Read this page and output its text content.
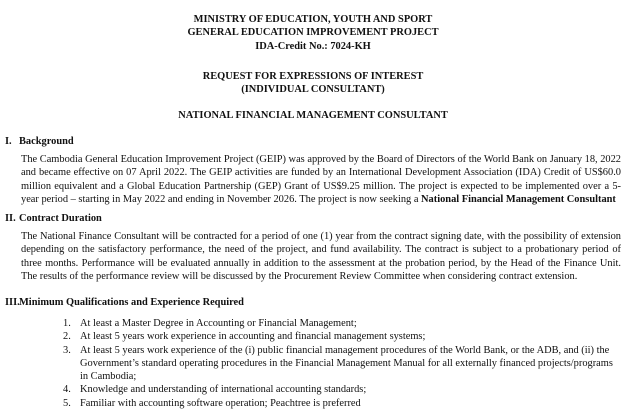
MINISTRY OF EDUCATION, YOUTH AND SPORT
GENERAL EDUCATION IMPROVEMENT PROJECT
IDA-Credit No.: 7024-KH
REQUEST FOR EXPRESSIONS OF INTEREST
(INDIVIDUAL CONSULTANT)
NATIONAL FINANCIAL MANAGEMENT CONSULTANT
I. Background

The Cambodia General Education Improvement Project (GEIP) was approved by the Board of Directors of the World Bank on January 18, 2022 and became effective on 07 April 2022. The GEIP activities are funded by an International Development Association (IDA) Credit of US$60.0 million equivalent and a Global Education Partnership (GEP) Grant of US$9.25 million. The project is expected to be implemented over a 5-year period – starting in May 2022 and ending in November 2026. The project is now seeking a National Financial Management Consultant

II. Contract Duration

The National Finance Consultant will be contracted for a period of one (1) year from the contract signing date, with the possibility of extension depending on the satisfactory performance, the need of the project, and fund availability. The contract is subject to a probationary period of three months. Performance will be evaluated annually in addition to the assessment at the probation period, by the Head of the Finance Unit. The results of the performance review will be discussed by the Procurement Review Committee when considering contract extension.

III.Minimum Qualifications and Experience Required
1. At least a Master Degree in Accounting or Financial Management;
2. At least 5 years work experience in accounting and financial management systems;
3. At least 5 years work experience of the (i) public financial management procedures of the World Bank, or the ADB, and (ii) the Government’s standard operating procedures in the Financial Management Manual for all externally financed projects/programs in Cambodia;
4. Knowledge and understanding of international accounting standards;
5. Familiar with accounting software operation; Peachtree is preferred
